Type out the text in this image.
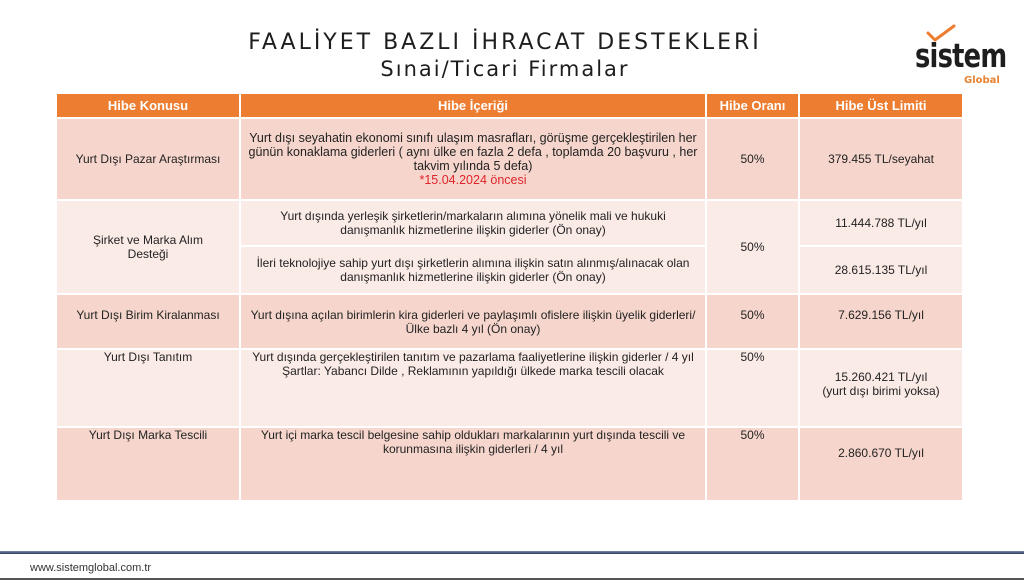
FAALİYET BAZLI İHRACAT DESTEKLERİ
Sınai/Ticari Firmalar	sistem
Global
Hibe Konusu	Hibe İçeriği	Hibe Oranı	Hibe Üst Limiti
Yurt Dışı Pazar Araştırması	Yurt dışı seyahatin ekonomi sınıfı ulaşım masrafları, görüşme gerçekleştirilen her günün konaklama giderleri ( aynı ülke en fazla 2 defa , toplamda 20 başvuru , her takvim yılında 5 defa)
*15.04.2024 öncesi	50%	379.455 TL/seyahat
Şirket ve Marka Alım Desteği	Yurt dışında yerleşik şirketlerin/markaların alımına yönelik mali ve hukuki danışmanlık hizmetlerine ilişkin giderler (Ön onay)	50%	11.444.788 TL/yıl
	İleri teknolojiye sahip yurt dışı şirketlerin alımına ilişkin satın alınmış/alınacak olan danışmanlık hizmetlerine ilişkin giderler (Ön onay)		28.615.135 TL/yıl
Yurt Dışı Birim Kiralanması	Yurt dışına açılan birimlerin kira giderleri ve paylaşımlı ofislere ilişkin üyelik giderleri/ Ülke bazlı 4 yıl (Ön onay)	50%	7.629.156 TL/yıl
Yurt Dışı Tanıtım	Yurt dışında gerçekleştirilen tanıtım ve pazarlama faaliyetlerine ilişkin giderler / 4 yıl Şartlar: Yabancı Dilde , Reklamının yapıldığı ülkede marka tescili olacak	50%	15.260.421 TL/yıl
(yurt dışı birimi yoksa)

Yurt Dışı Marka Tescili	Yurt içi marka tescil belgesine sahip oldukları markalarının yurt dışında tescili ve korunmasına ilişkin giderleri / 4 yıl	50%	2.860.670 TL/yıl
www.sistemglobal.com.tr
